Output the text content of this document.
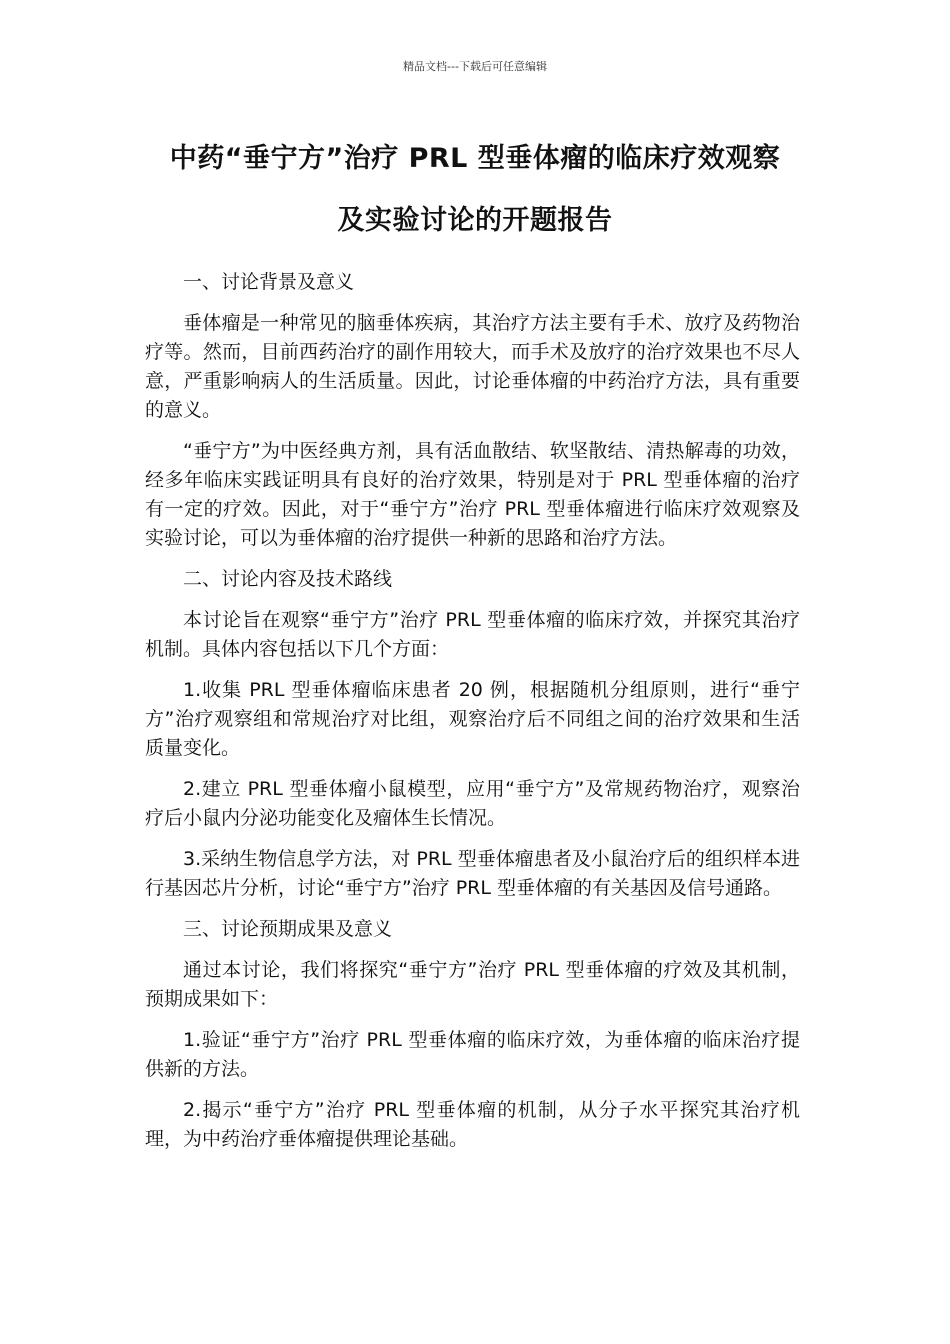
精品文档---下载后可任意编辑
中药“垂宁方”治疗 PRL 型垂体瘤的临床疗效观察
及实验讨论的开题报告

一、讨论背景及意义

垂体瘤是一种常见的脑垂体疾病，其治疗方法主要有手术、放疗及药物治疗等。然而，目前西药治疗的副作用较大，而手术及放疗的治疗效果也不尽人意，严重影响病人的生活质量。因此，讨论垂体瘤的中药治疗方法，具有重要的意义。

“垂宁方”为中医经典方剂，具有活血散结、软坚散结、清热解毒的功效，经多年临床实践证明具有良好的治疗效果，特别是对于 PRL 型垂体瘤的治疗有一定的疗效。因此，对于“垂宁方”治疗 PRL 型垂体瘤进行临床疗效观察及实验讨论，可以为垂体瘤的治疗提供一种新的思路和治疗方法。

二、讨论内容及技术路线

本讨论旨在观察“垂宁方”治疗 PRL 型垂体瘤的临床疗效，并探究其治疗机制。具体内容包括以下几个方面：

1.收集 PRL 型垂体瘤临床患者 20 例，根据随机分组原则，进行“垂宁方”治疗观察组和常规治疗对比组，观察治疗后不同组之间的治疗效果和生活质量变化。

2.建立 PRL 型垂体瘤小鼠模型，应用“垂宁方”及常规药物治疗，观察治疗后小鼠内分泌功能变化及瘤体生长情况。

3.采纳生物信息学方法，对 PRL 型垂体瘤患者及小鼠治疗后的组织样本进行基因芯片分析，讨论“垂宁方”治疗 PRL 型垂体瘤的有关基因及信号通路。

三、讨论预期成果及意义

通过本讨论，我们将探究“垂宁方”治疗 PRL 型垂体瘤的疗效及其机制，预期成果如下：

1.验证“垂宁方”治疗 PRL 型垂体瘤的临床疗效，为垂体瘤的临床治疗提供新的方法。

2.揭示“垂宁方”治疗 PRL 型垂体瘤的机制，从分子水平探究其治疗机理，为中药治疗垂体瘤提供理论基础。
